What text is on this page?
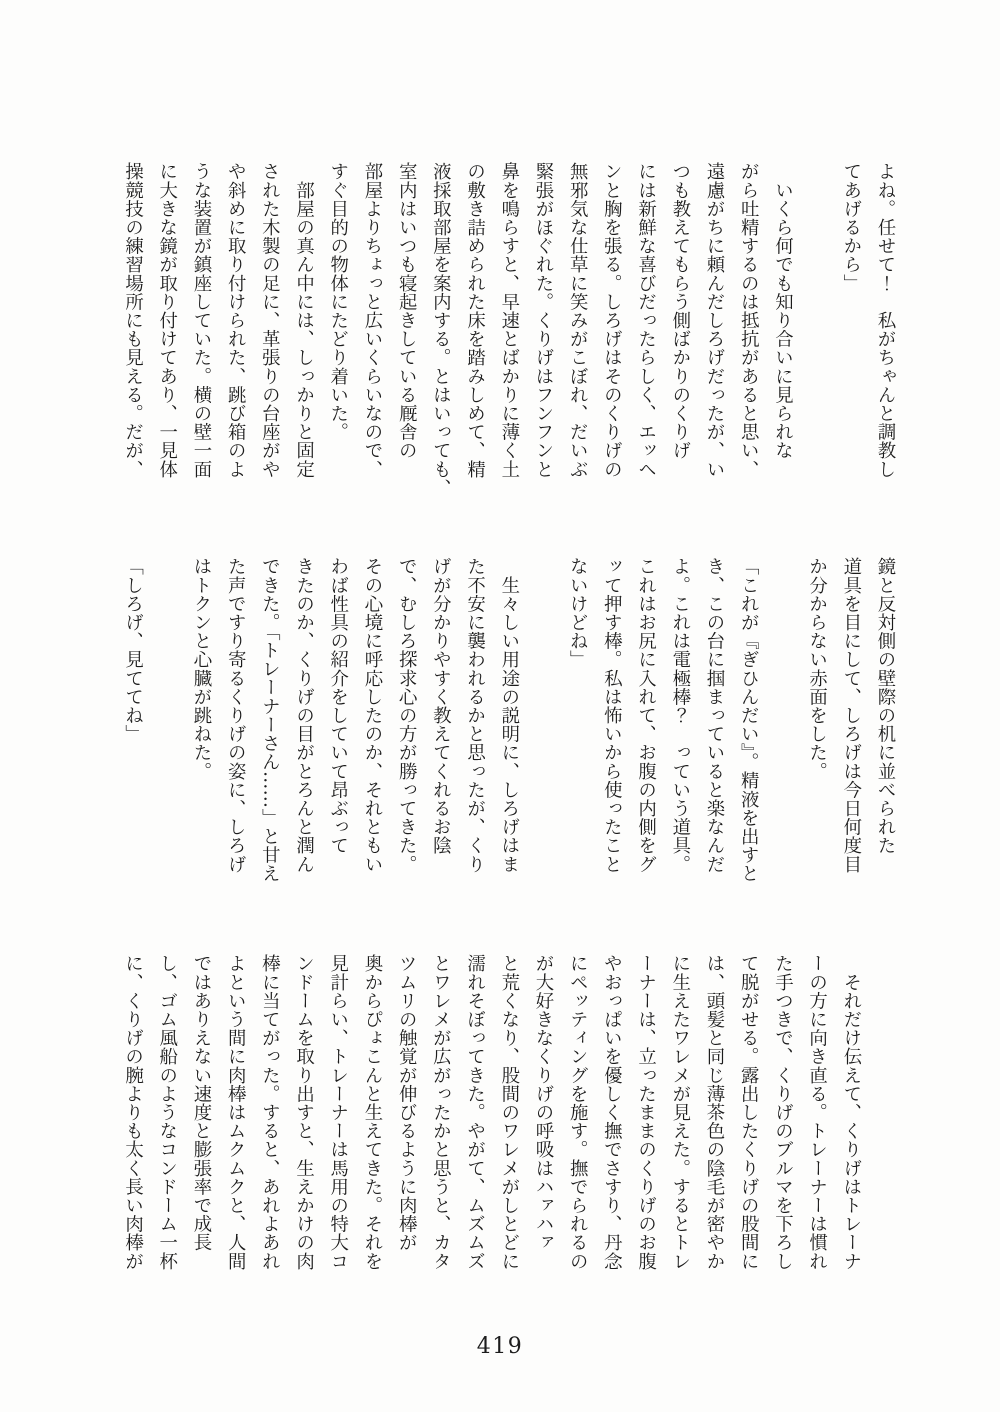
よね。任せて！　私がちゃんと調教し
てあげるから」

　いくら何でも知り合いに見られな
がら吐精するのは抵抗があると思い、
遠慮がちに頼んだしろげだったが、い
つも教えてもらう側ばかりのくりげ
には新鮮な喜びだったらしく、エッヘ
ンと胸を張る。しろげはそのくりげの
無邪気な仕草に笑みがこぼれ、だいぶ
緊張がほぐれた。くりげはフンフンと
鼻を鳴らすと、早速とばかりに薄く土
の敷き詰められた床を踏みしめて、精
液採取部屋を案内する。とはいっても、
室内はいつも寝起きしている厩舎の
部屋よりちょっと広いくらいなので、
すぐ目的の物体にたどり着いた。
　部屋の真ん中には、しっかりと固定
された木製の足に、革張りの台座がや
や斜めに取り付けられた、跳び箱のよ
うな装置が鎮座していた。横の壁一面
に大きな鏡が取り付けてあり、一見体
操競技の練習場所にも見える。だが、
鏡と反対側の壁際の机に並べられた
道具を目にして、しろげは今日何度目
か分からない赤面をした。

「これが『ぎひんだい』。精液を出すと
き、この台に掴まっていると楽なんだ
よ。これは電極棒？　っていう道具。
これはお尻に入れて、お腹の内側をグ
ッて押す棒。私は怖いから使ったこと
ないけどね」

　生々しい用途の説明に、しろげはま
た不安に襲われるかと思ったが、くり
げが分かりやすく教えてくれるお陰
で、むしろ探求心の方が勝ってきた。
その心境に呼応したのか、それともい
わば性具の紹介をしていて昂ぶって
きたのか、くりげの目がとろんと潤ん
できた。「トレーナーさん……」と甘え
た声ですり寄るくりげの姿に、しろげ
はトクンと心臓が跳ねた。

「しろげ、見ててね」

　それだけ伝えて、くりげはトレーナ
ーの方に向き直る。トレーナーは慣れ
た手つきで、くりげのブルマを下ろし
て脱がせる。露出したくりげの股間に
は、頭髪と同じ薄茶色の陰毛が密やか
に生えたワレメが見えた。するとトレ
ーナーは、立ったままのくりげのお腹
やおっぱいを優しく撫でさすり、丹念
にペッティングを施す。撫でられるの
が大好きなくりげの呼吸はハァハァ
と荒くなり、股間のワレメがしとどに
濡れそぼってきた。やがて、ムズムズ
とワレメが広がったかと思うと、カタ
ツムリの触覚が伸びるように肉棒が
奥からぴょこんと生えてきた。それを
見計らい、トレーナーは馬用の特大コ
ンドームを取り出すと、生えかけの肉
棒に当てがった。すると、あれよあれ
よという間に肉棒はムクムクと、人間
ではありえない速度と膨張率で成長
し、ゴム風船のようなコンドーム一杯
に、くりげの腕よりも太く長い肉棒が
419
